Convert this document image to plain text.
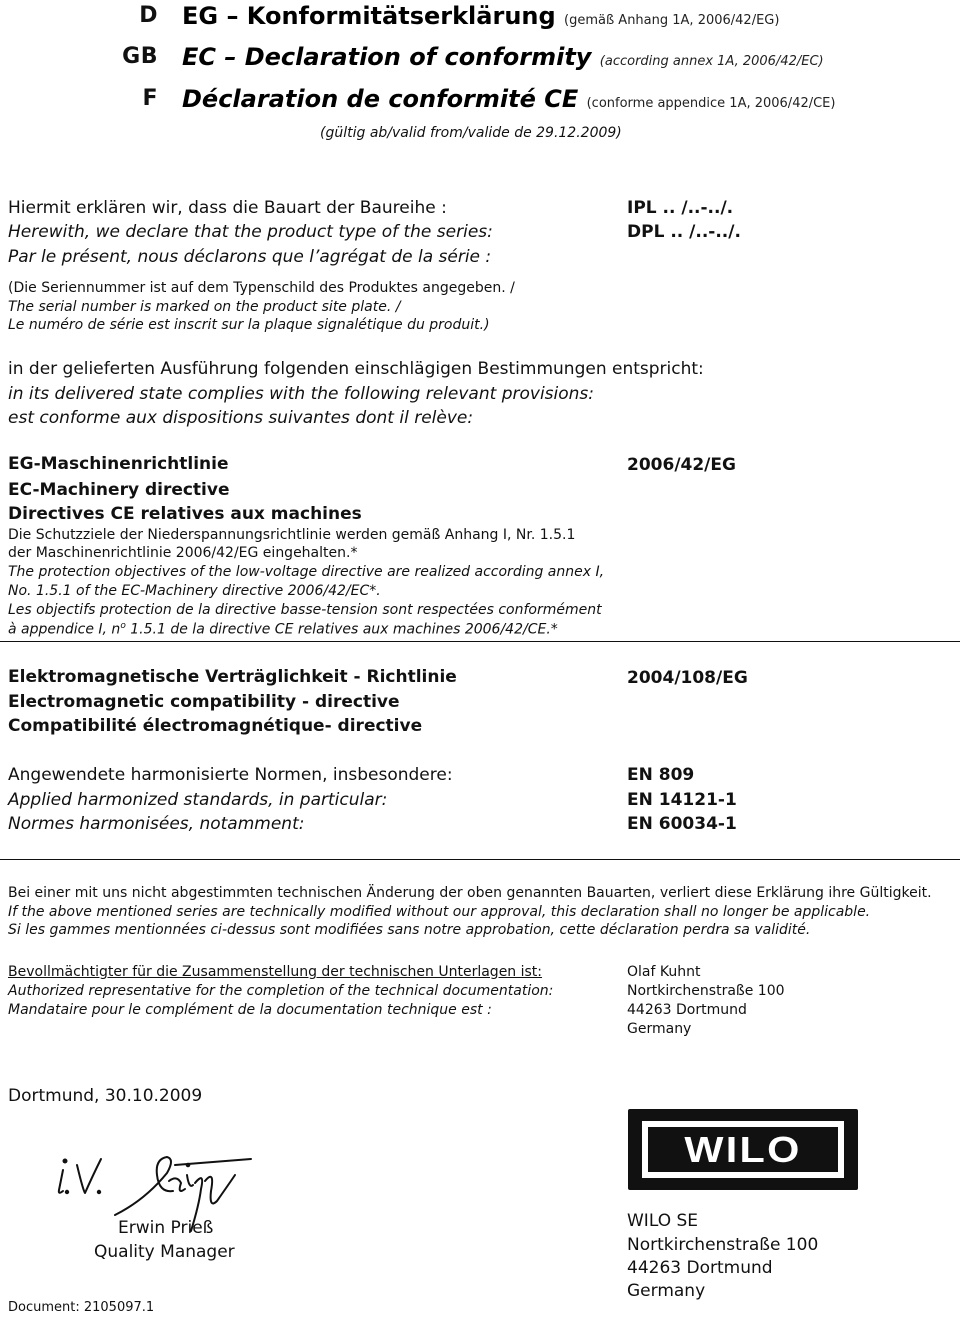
D
GB
F
EG – Konformitätserklärung (gemäß Anhang 1A, 2006/42/EG)
EC – Declaration of conformity (according annex 1A, 2006/42/EC)
Déclaration de conformité CE (conforme appendice 1A, 2006/42/CE)
(gültig ab/valid from/valide de 29.12.2009)
Hiermit erklären wir, dass die Bauart der Baureihe :
Herewith, we declare that the product type of the series:
Par le présent, nous déclarons que l’agrégat de la série :
IPL .. /..-../.
DPL .. /..-../.
(Die Seriennummer ist auf dem Typenschild des Produktes angegeben. /
The serial number is marked on the product site plate. /
Le numéro de série est inscrit sur la plaque signalétique du produit.)
in der gelieferten Ausführung folgenden einschlägigen Bestimmungen entspricht:
in its delivered state complies with the following relevant provisions:
est conforme aux dispositions suivantes dont il relève:
EG-Maschinenrichtlinie
EC-Machinery directive
Directives CE relatives aux machines
2006/42/EG
Die Schutzziele der Niederspannungsrichtlinie werden gemäß Anhang I, Nr. 1.5.1
der Maschinenrichtlinie 2006/42/EG eingehalten.*
The protection objectives of the low-voltage directive are realized according annex I,
No. 1.5.1 of the EC-Machinery directive 2006/42/EC*.
Les objectifs protection de la directive basse-tension sont respectées conformément
à appendice I, $n^o$ 1.5.1 de la directive CE relatives aux machines 2006/42/CE.*
Elektromagnetische Verträglichkeit - Richtlinie
Electromagnetic compatibility - directive
Compatibilité électromagnétique- directive
2004/108/EG
Angewendete harmonisierte Normen, insbesondere:
Applied harmonized standards, in particular:
Normes harmonisées, notamment:
EN 809
EN 14121-1
EN 60034-1
Bei einer mit uns nicht abgestimmten technischen Änderung der oben genannten Bauarten, verliert diese Erklärung ihre Gültigkeit.
If the above mentioned series are technically modified without our approval, this declaration shall no longer be applicable.
Si les gammes mentionnées ci-dessus sont modifiées sans notre approbation, cette déclaration perdra sa validité.
Bevollmächtigter für die Zusammenstellung der technischen Unterlagen ist:
Authorized representative for the completion of the technical documentation:
Mandataire pour le complément de la documentation technique est :
Olaf Kuhnt
Nortkirchenstraße 100
44263 Dortmund
Germany
Dortmund, 30.10.2009
Erwin Prieß
Quality Manager
Document: 2105097.1
WILO
WILO SE
Nortkirchenstraße 100
44263 Dortmund
Germany
